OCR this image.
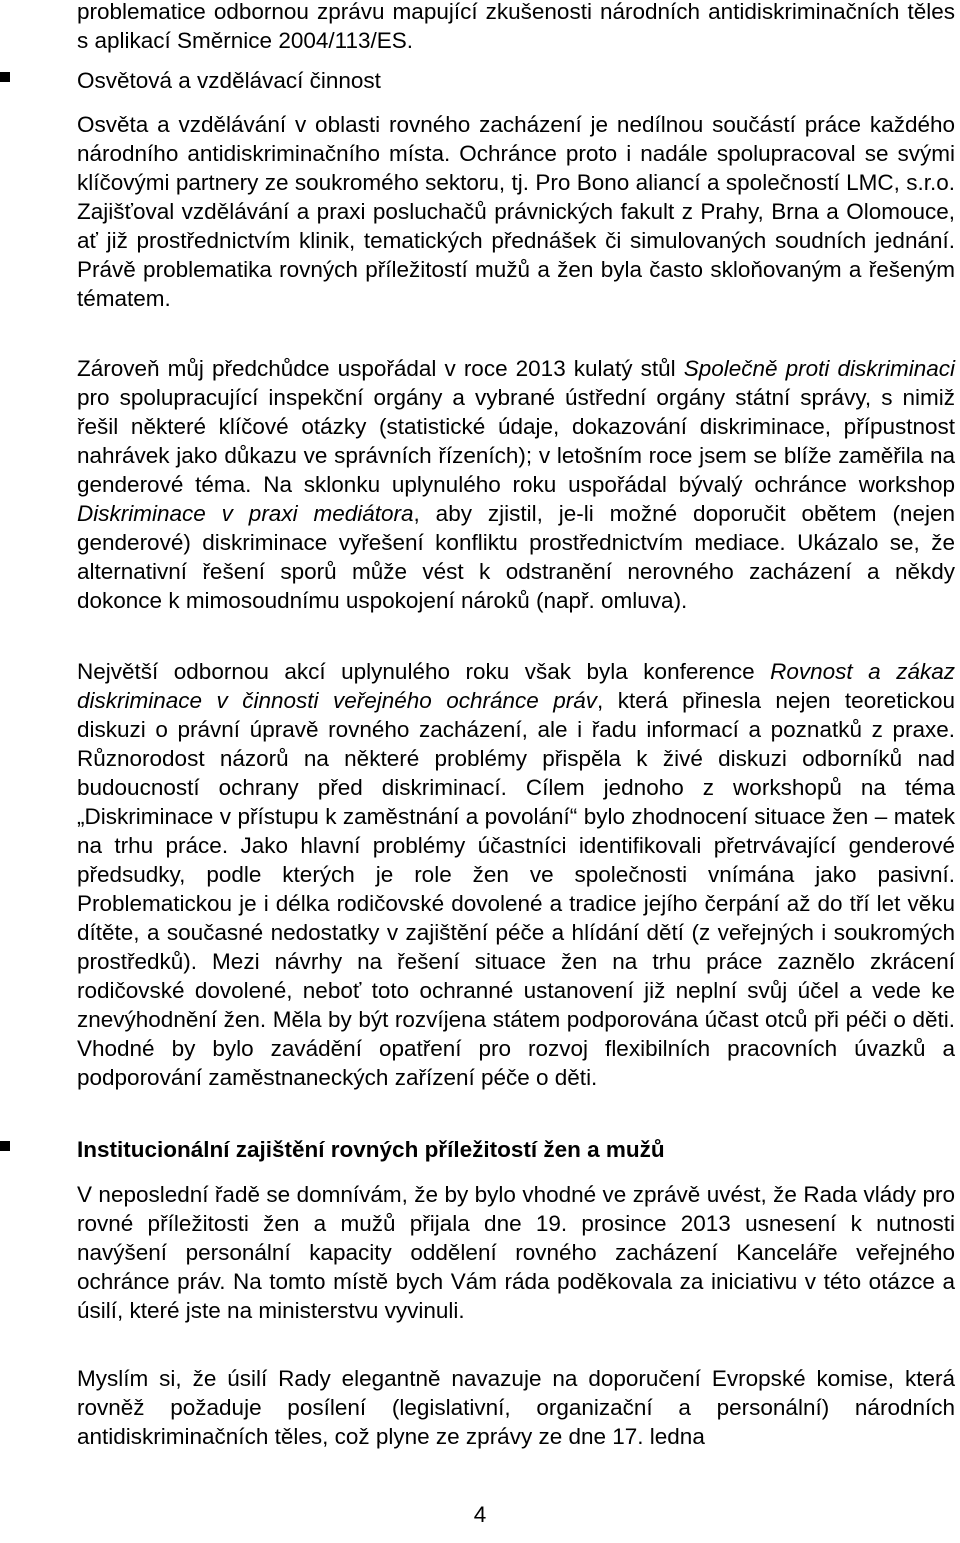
problematice odbornou zprávu mapující zkušenosti národních antidiskriminačních těles s aplikací Směrnice 2004/113/ES.

Osvětová a vzdělávací činnost

Osvěta a vzdělávání v oblasti rovného zacházení je nedílnou součástí práce každého národního antidiskriminačního místa. Ochránce proto i nadále spolupracoval se svými klíčovými partnery ze soukromého sektoru, tj. Pro Bono aliancí a společností LMC, s.r.o. Zajišťoval vzdělávání a praxi posluchačů právnických fakult z Prahy, Brna a Olomouce, ať již prostřednictvím klinik, tematických přednášek či simulovaných soudních jednání. Právě problematika rovných příležitostí mužů a žen byla často skloňovaným a řešeným tématem.

Zároveň můj předchůdce uspořádal v roce 2013 kulatý stůl Společně proti diskriminaci pro spolupracující inspekční orgány a vybrané ústřední orgány státní správy, s nimiž řešil některé klíčové otázky (statistické údaje, dokazování diskriminace, přípustnost nahrávek jako důkazu ve správních řízeních); v letošním roce jsem se blíže zaměřila na genderové téma. Na sklonku uplynulého roku uspořádal bývalý ochránce workshop Diskriminace v praxi mediátora, aby zjistil, je-li možné doporučit obětem (nejen genderové) diskriminace vyřešení konfliktu prostřednictvím mediace. Ukázalo se, že alternativní řešení sporů může vést k odstranění nerovného zacházení a někdy dokonce k mimosoudnímu uspokojení nároků (např. omluva).

Největší odbornou akcí uplynulého roku však byla konference Rovnost a zákaz diskriminace v činnosti veřejného ochránce práv, která přinesla nejen teoretickou diskuzi o právní úpravě rovného zacházení, ale i řadu informací a poznatků z praxe. Různorodost názorů na některé problémy přispěla k živé diskuzi odborníků nad budoucností ochrany před diskriminací. Cílem jednoho z workshopů na téma „Diskriminace v přístupu k zaměstnání a povolání“ bylo zhodnocení situace žen – matek na trhu práce. Jako hlavní problémy účastníci identifikovali přetrvávající genderové předsudky, podle kterých je role žen ve společnosti vnímána jako pasivní. Problematickou je i délka rodičovské dovolené a tradice jejího čerpání až do tří let věku dítěte, a současné nedostatky v zajištění péče a hlídání dětí (z veřejných i soukromých prostředků). Mezi návrhy na řešení situace žen na trhu práce zaznělo zkrácení rodičovské dovolené, neboť toto ochranné ustanovení již neplní svůj účel a vede ke znevýhodnění žen. Měla by být rozvíjena státem podporována účast otců při péči o děti. Vhodné by bylo zavádění opatření pro rozvoj flexibilních pracovních úvazků a podporování zaměstnaneckých zařízení péče o děti.

Institucionální zajištění rovných příležitostí žen a mužů

V neposlední řadě se domnívám, že by bylo vhodné ve zprávě uvést, že Rada vlády pro rovné příležitosti žen a mužů přijala dne 19. prosince 2013 usnesení k nutnosti navýšení personální kapacity oddělení rovného zacházení Kanceláře veřejného ochránce práv. Na tomto místě bych Vám ráda poděkovala za iniciativu v této otázce a úsilí, které jste na ministerstvu vyvinuli.

Myslím si, že úsilí Rady elegantně navazuje na doporučení Evropské komise, která rovněž požaduje posílení (legislativní, organizační a personální) národních antidiskriminačních těles, což plyne ze zprávy ze dne 17. ledna

4
